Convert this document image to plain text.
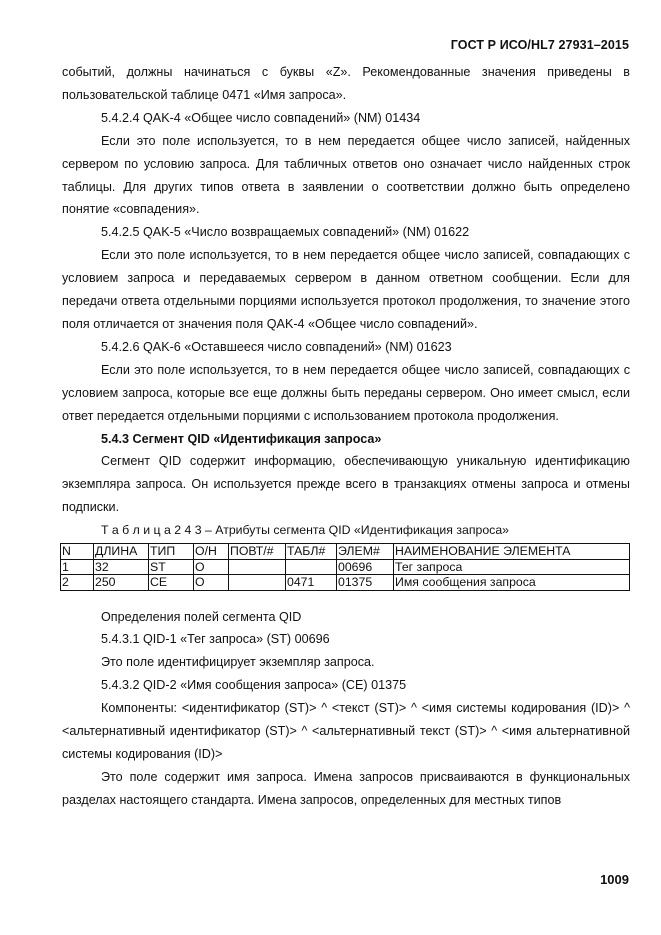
ГОСТ Р ИСО/HL7 27931–2015

событий, должны начинаться с буквы «Z». Рекомендованные значения приведены в пользовательской таблице 0471 «Имя запроса».

5.4.2.4 QAK-4 «Общее число совпадений» (NM) 01434

Если это поле используется, то в нем передается общее число записей, найденных сервером по условию запроса. Для табличных ответов оно означает число найденных строк таблицы. Для других типов ответа в заявлении о соответствии должно быть определено понятие «совпадения».

5.4.2.5 QAK-5 «Число возвращаемых совпадений» (NM) 01622

Если это поле используется, то в нем передается общее число записей, совпадающих с условием запроса и передаваемых сервером в данном ответном сообщении. Если для передачи ответа отдельными порциями используется протокол продолжения, то значение этого поля отличается от значения поля QAK-4 «Общее число совпадений».

5.4.2.6 QAK-6 «Оставшееся число совпадений» (NM) 01623

Если это поле используется, то в нем передается общее число записей, совпадающих с условием запроса, которые все еще должны быть переданы сервером. Оно имеет смысл, если ответ передается отдельными порциями с использованием протокола продолжения.

5.4.3 Сегмент QID «Идентификация запроса»

Сегмент QID содержит информацию, обеспечивающую уникальную идентификацию экземпляра запроса. Он используется прежде всего в транзакциях отмены запроса и отмены подписки.

Т а б л и ц а 2 4 3 – Атрибуты сегмента QID «Идентификация запроса»

N	ДЛИНА	ТИП	О/Н	ПОВТ/#	ТАБЛ#	ЭЛЕМ#	НАИМЕНОВАНИЕ ЭЛЕМЕНТА
1	32	ST	O			00696	Тег запроса
2	250	CE	O		0471	01375	Имя сообщения запроса

Определения полей сегмента QID

5.4.3.1 QID-1 «Тег запроса» (ST) 00696

Это поле идентифицирует экземпляр запроса.

5.4.3.2 QID-2 «Имя сообщения запроса» (CE) 01375

Компоненты: <идентификатор (ST)> ^ <текст (ST)> ^ <имя системы кодирования (ID)> ^ <альтернативный идентификатор (ST)> ^ <альтернативный текст (ST)> ^ <имя альтернативной системы кодирования (ID)>

Это поле содержит имя запроса. Имена запросов присваиваются в функциональных разделах настоящего стандарта. Имена запросов, определенных для местных типов

1009
